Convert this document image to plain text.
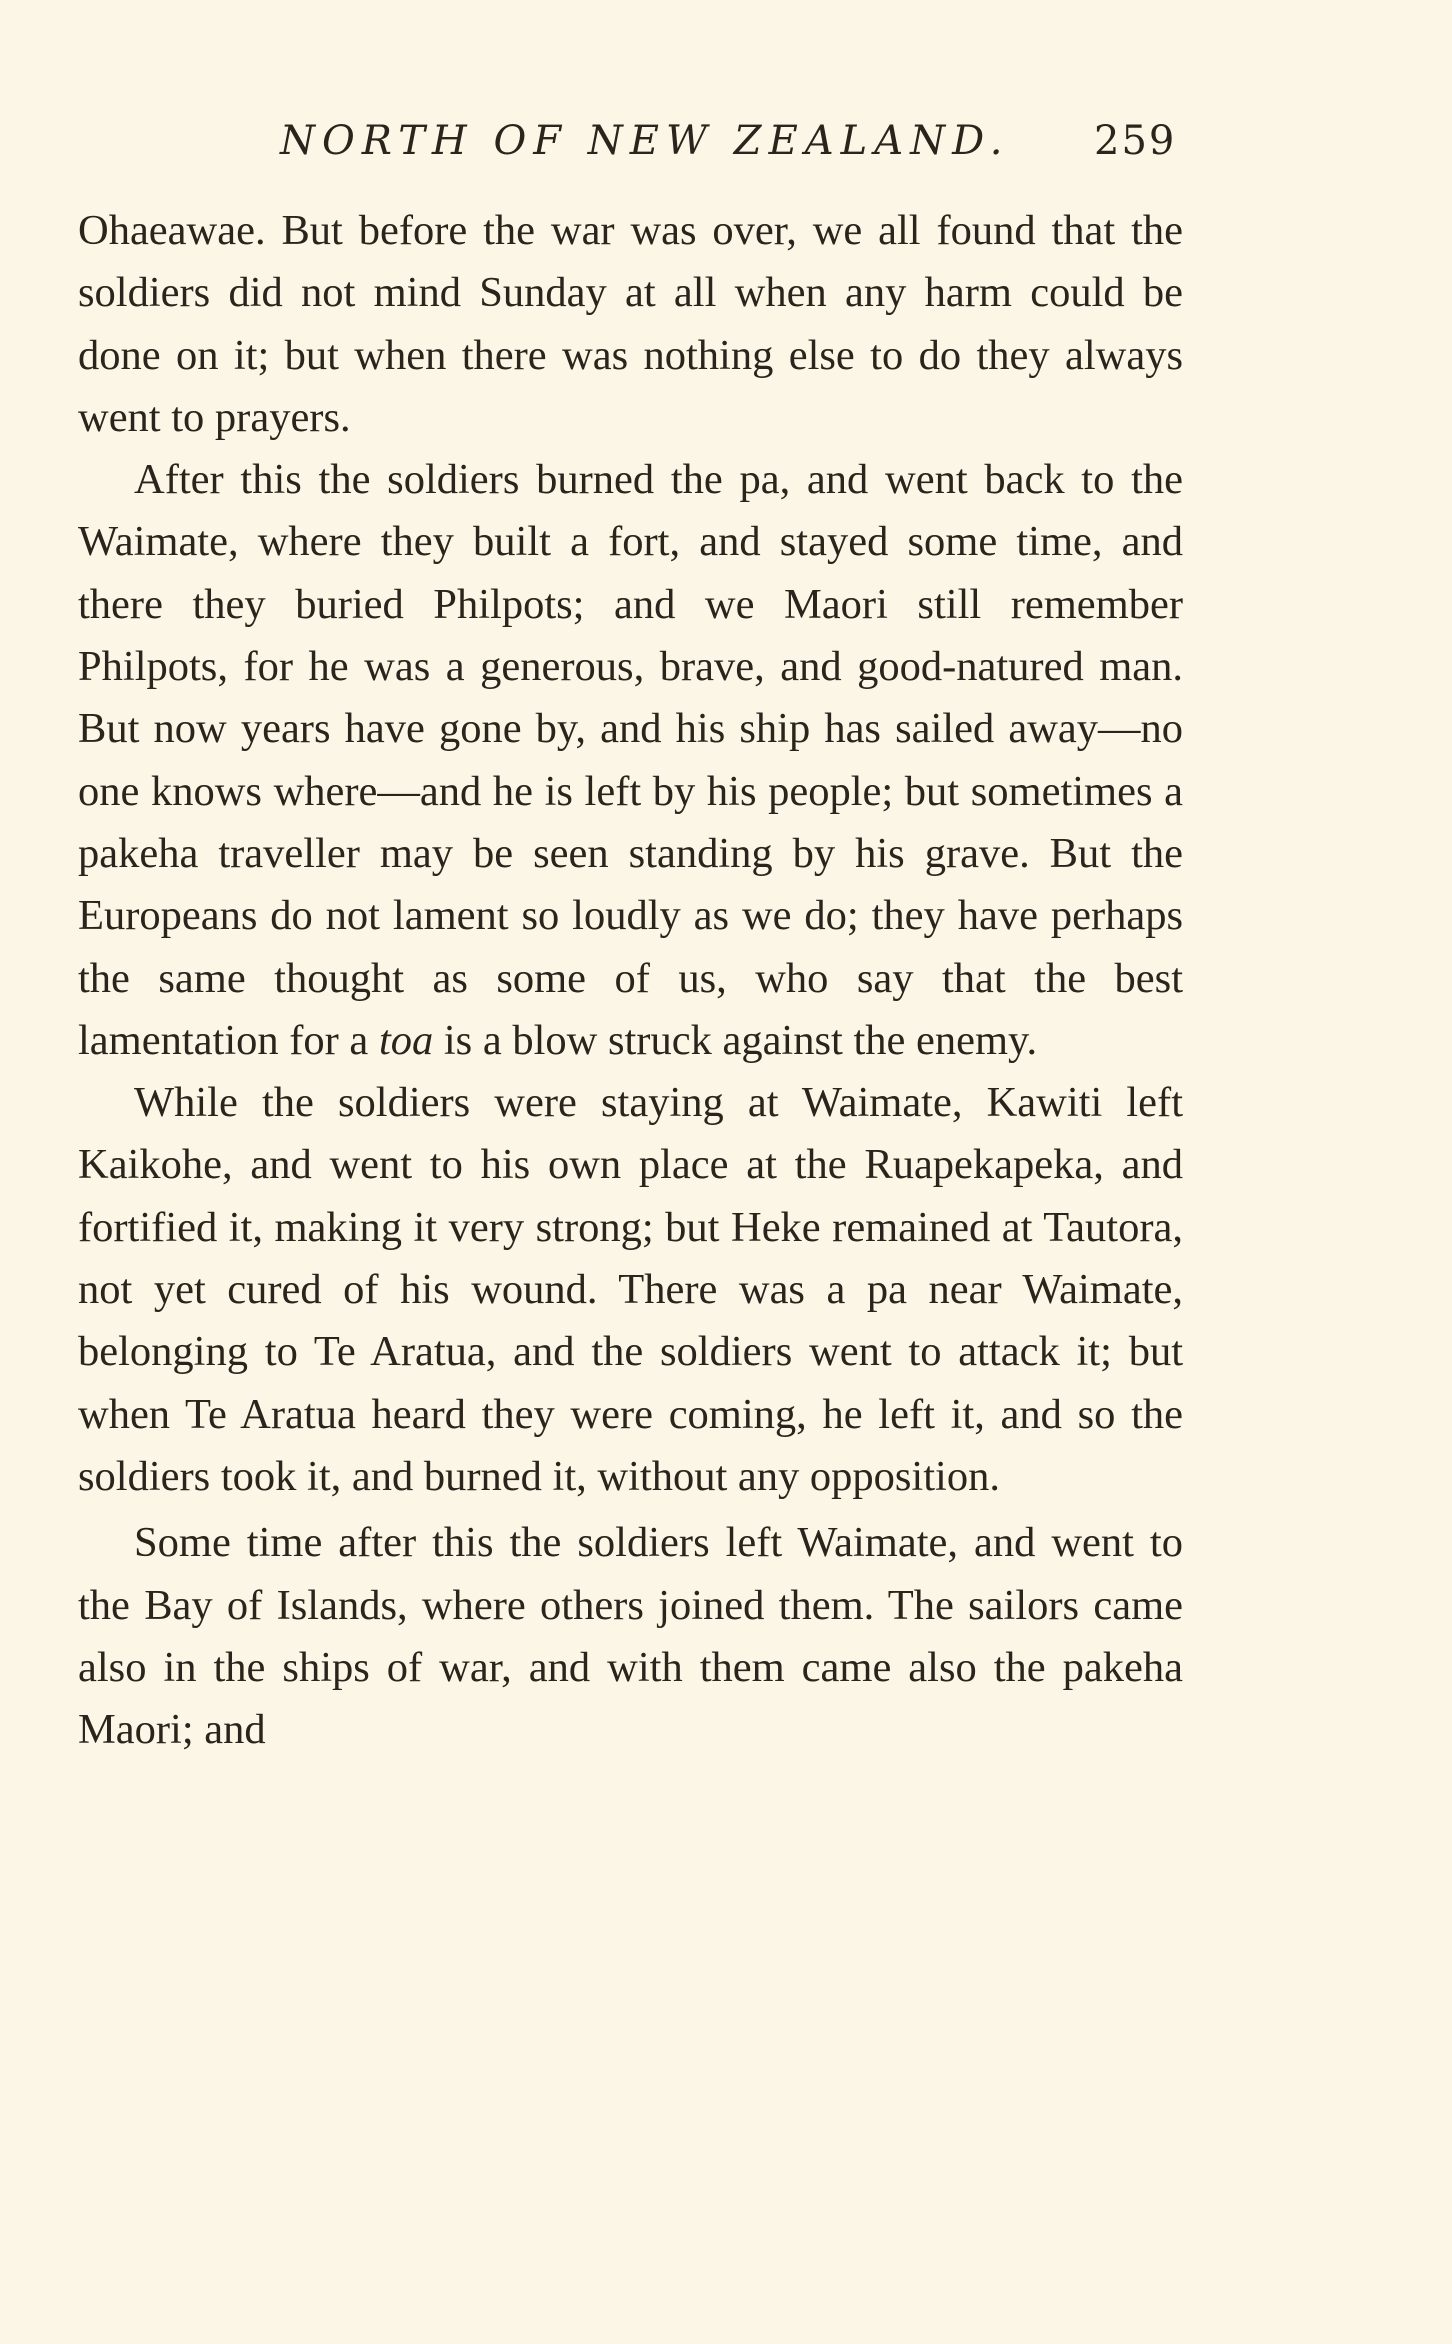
NORTH OF NEW ZEALAND. 259

Ohaeawae. But before the war was over, we all found that the soldiers did not mind Sunday at all when any harm could be done on it; but when there was nothing else to do they always went to prayers.

After this the soldiers burned the pa, and went back to the Waimate, where they built a fort, and stayed some time, and there they buried Philpots; and we Maori still remember Philpots, for he was a generous, brave, and good-natured man. But now years have gone by, and his ship has sailed away—no one knows where—and he is left by his people; but sometimes a pakeha traveller may be seen standing by his grave. But the Europeans do not lament so loudly as we do; they have perhaps the same thought as some of us, who say that the best lamentation for a toa is a blow struck against the enemy.

While the soldiers were staying at Waimate, Kawiti left Kaikohe, and went to his own place at the Ruapekapeka, and fortified it, making it very strong; but Heke remained at Tautora, not yet cured of his wound. There was a pa near Waimate, belonging to Te Aratua, and the soldiers went to attack it; but when Te Aratua heard they were coming, he left it, and so the soldiers took it, and burned it, without any opposition.

Some time after this the soldiers left Waimate, and went to the Bay of Islands, where others joined them. The sailors came also in the ships of war, and with them came also the pakeha Maori; and
